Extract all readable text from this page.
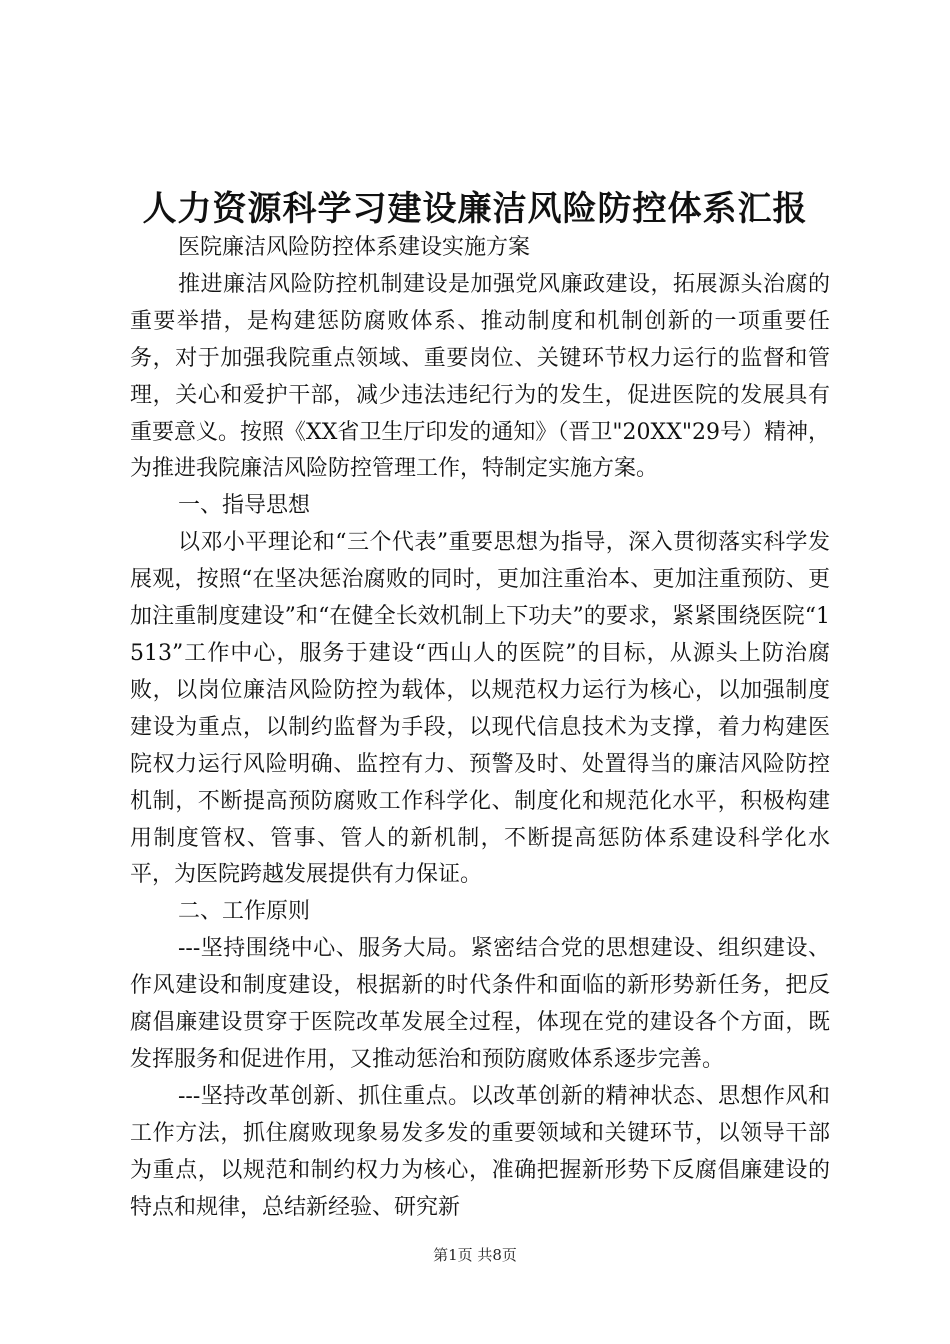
人力资源科学习建设廉洁风险防控体系汇报

医院廉洁风险防控体系建设实施方案

推进廉洁风险防控机制建设是加强党风廉政建设，拓展源头治腐的重要举措，是构建惩防腐败体系、推动制度和机制创新的一项重要任务，对于加强我院重点领域、重要岗位、关键环节权力运行的监督和管理，关心和爱护干部，减少违法违纪行为的发生，促进医院的发展具有重要意义。按照《XX省卫生厅印发的通知》（晋卫"20XX"29号）精神，为推进我院廉洁风险防控管理工作，特制定实施方案。

一、指导思想

以邓小平理论和“三个代表”重要思想为指导，深入贯彻落实科学发展观，按照“在坚决惩治腐败的同时，更加注重治本、更加注重预防、更加注重制度建设”和“在健全长效机制上下功夫”的要求，紧紧围绕医院“1513”工作中心，服务于建设“西山人的医院”的目标，从源头上防治腐败，以岗位廉洁风险防控为载体，以规范权力运行为核心，以加强制度建设为重点，以制约监督为手段，以现代信息技术为支撑，着力构建医院权力运行风险明确、监控有力、预警及时、处置得当的廉洁风险防控机制，不断提高预防腐败工作科学化、制度化和规范化水平，积极构建用制度管权、管事、管人的新机制，不断提高惩防体系建设科学化水平，为医院跨越发展提供有力保证。

二、工作原则

---坚持围绕中心、服务大局。紧密结合党的思想建设、组织建设、作风建设和制度建设，根据新的时代条件和面临的新形势新任务，把反腐倡廉建设贯穿于医院改革发展全过程，体现在党的建设各个方面，既发挥服务和促进作用，又推动惩治和预防腐败体系逐步完善。

---坚持改革创新、抓住重点。以改革创新的精神状态、思想作风和工作方法，抓住腐败现象易发多发的重要领域和关键环节，以领导干部为重点，以规范和制约权力为核心，准确把握新形势下反腐倡廉建设的特点和规律，总结新经验、研究新

第1页 共8页
